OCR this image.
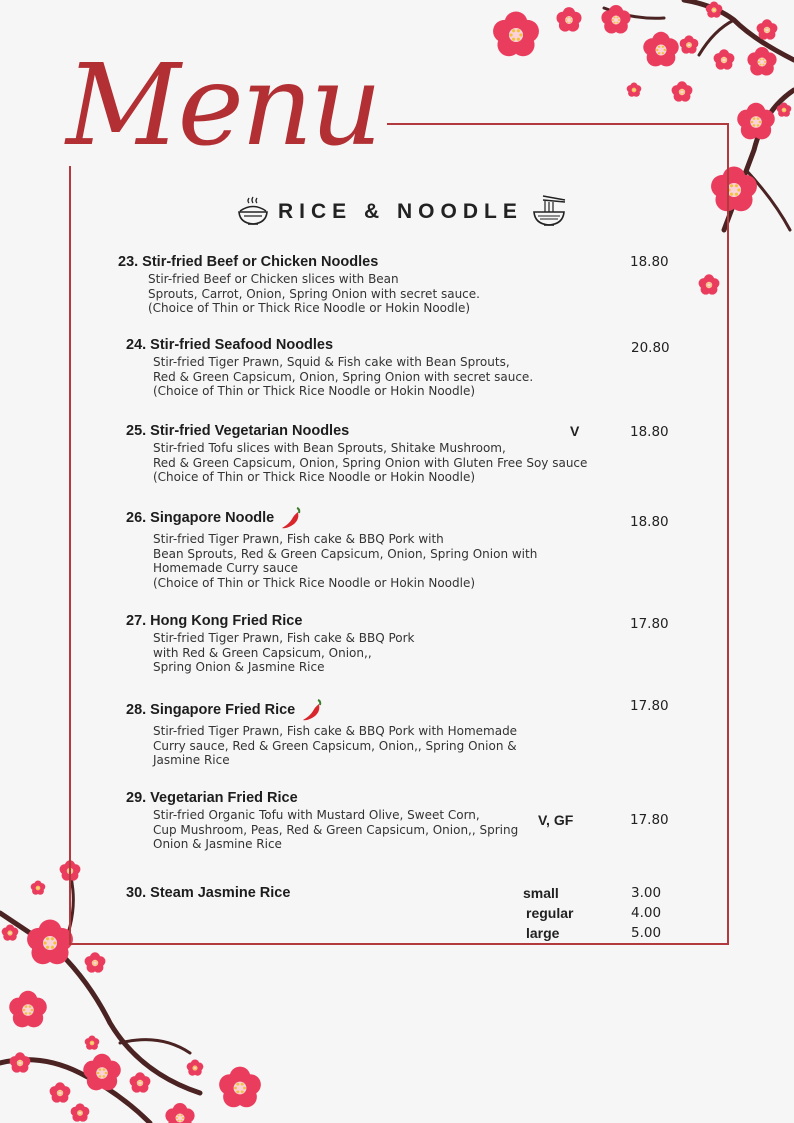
Menu
RICE & NOODLE
23. Stir-fried Beef or Chicken Noodles
Stir-fried Beef or Chicken slices with Bean
Sprouts, Carrot, Onion, Spring Onion with secret sauce.
(Choice of Thin or Thick Rice Noodle or Hokin Noodle)
18.80
24. Stir-fried Seafood Noodles
Stir-fried Tiger Prawn, Squid & Fish cake with Bean Sprouts,
Red & Green Capsicum, Onion, Spring Onion with secret sauce.
(Choice of Thin or Thick Rice Noodle or Hokin Noodle)
20.80
25. Stir-fried Vegetarian Noodles
Stir-fried Tofu slices with Bean Sprouts, Shitake Mushroom,
Red & Green Capsicum, Onion, Spring Onion with Gluten Free Soy sauce
(Choice of Thin or Thick Rice Noodle or Hokin Noodle)
V	18.80
26. Singapore Noodle
Stir-fried Tiger Prawn, Fish cake & BBQ Pork with
Bean Sprouts, Red & Green Capsicum, Onion, Spring Onion with
Homemade Curry sauce
(Choice of Thin or Thick Rice Noodle or Hokin Noodle)
18.80
27. Hong Kong Fried Rice
Stir-fried Tiger Prawn, Fish cake & BBQ Pork
with Red & Green Capsicum, Onion,,
Spring Onion & Jasmine Rice
17.80
28. Singapore Fried Rice
Stir-fried Tiger Prawn, Fish cake & BBQ Pork with Homemade
Curry sauce, Red & Green Capsicum, Onion,, Spring Onion &
Jasmine Rice
17.80
29. Vegetarian Fried Rice
Stir-fried Organic Tofu with Mustard Olive, Sweet Corn,
Cup Mushroom, Peas, Red & Green Capsicum, Onion,, Spring
Onion & Jasmine Rice
V, GF	17.80
30. Steam Jasmine Rice	small	3.00
regular	4.00
large	5.00
